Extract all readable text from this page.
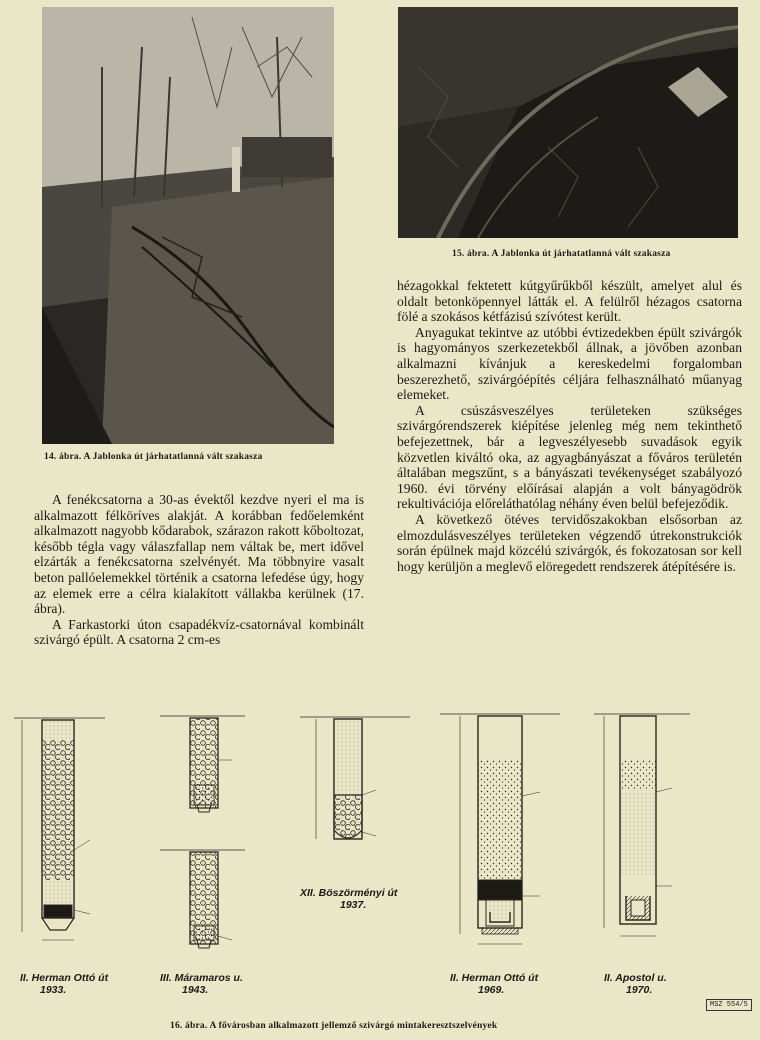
14. ábra. A Jablonka út járhatatlanná vált szakasza
15. ábra. A Jablonka út járhatatlanná vált szakasza

A fenékcsatorna a 30-as évektől kezdve nyeri el ma is alkalmazott félköríves alakját. A korábban fedőelemként alkalmazott nagyobb kődarabok, szárazon rakott kőboltozat, később tégla vagy válaszfallap nem váltak be, mert idővel elzárták a fenékcsatorna szelvényét. Ma többnyire vasalt beton pallóelemekkel történik a csatorna lefedése úgy, hogy az elemek erre a célra kialakított vállakba kerülnek (17. ábra).

A Farkastorki úton csapadékvíz-csatornával kombinált szivárgó épült. A csatorna 2 cm-es

hézagokkal fektetett kútgyűrűkből készült, amelyet alul és oldalt betonköpennyel látták el. A felülről hézagos csatorna fölé a szokásos kétfázisú szívótest került.

Anyagukat tekintve az utóbbi évtizedekben épült szivárgók is hagyományos szerkezetekből állnak, a jövőben azonban alkalmazni kívánjuk a kereskedelmi forgalomban beszerezhető, szivárgóépítés céljára felhasználható műanyag elemeket.

A csúszásveszélyes területeken szükséges szivárgórendszerek kiépítése jelenleg még nem tekinthető befejezettnek, bár a legveszélyesebb suvadások egyik közvetlen kiváltó oka, az agyagbányászat a főváros területén általában megszűnt, s a bányászati tevékenységet szabályozó 1960. évi törvény előírásai alapján a volt bányagödrök rekultivációja előreláthatólag néhány éven belül befejeződik.

A következő ötéves tervidőszakokban elsősorban az elmozdulásveszélyes területeken végzendő útrekonstrukciók során épülnek majd közcélú szivárgók, és fokozatosan sor kell hogy kerüljön a meglevő elöregedett rendszerek átépítésére is.

II. Herman Ottó út
1933.
III. Máramaros u.
1943.
XII. Böszörményi út
1937.
II. Herman Ottó út
1969.
II. Apostol u.
1970.
MSZ 554/5
16. ábra. A fővárosban alkalmazott jellemző szivárgó mintakeresztszelvények
